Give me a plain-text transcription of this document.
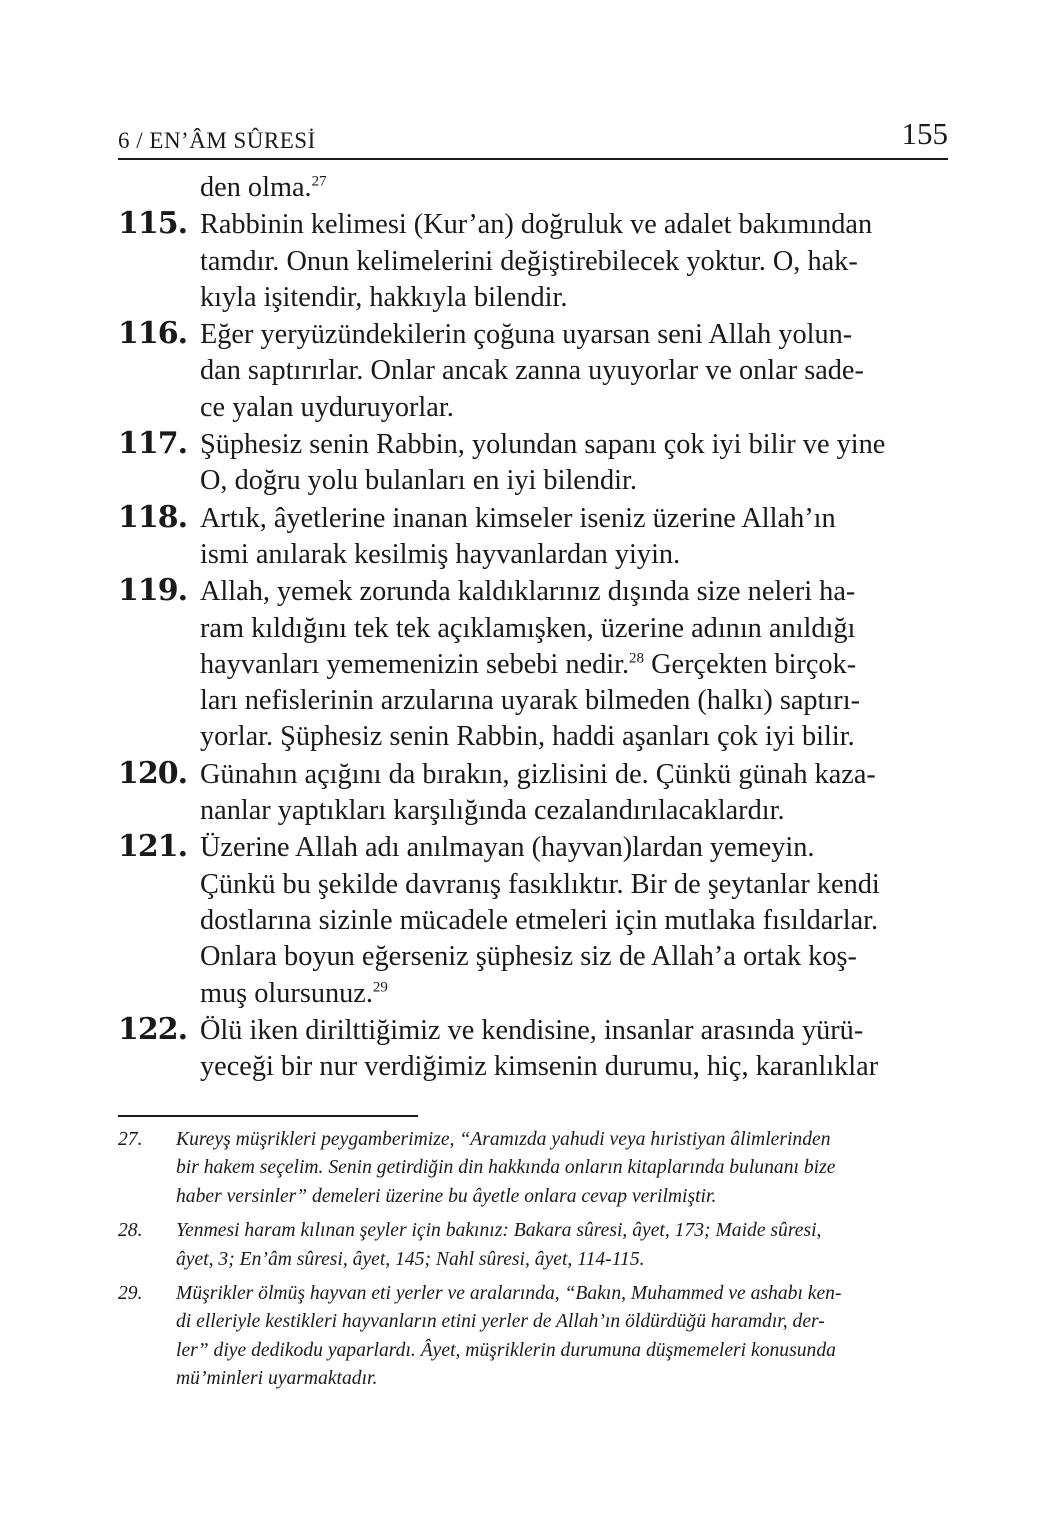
6 / EN’ÂM SÛRESİ	155
den olma.$^{27}$
115. Rabbinin kelimesi (Kur’an) doğruluk ve adalet bakımından
tamdır. Onun kelimelerini değiştirebilecek yoktur. O, hak-
kıyla işitendir, hakkıyla bilendir.
116. Eğer yeryüzündekilerin çoğuna uyarsan seni Allah yolun-
dan saptırırlar. Onlar ancak zanna uyuyorlar ve onlar sade-
ce yalan uyduruyorlar.
117. Şüphesiz senin Rabbin, yolundan sapanı çok iyi bilir ve yine
O, doğru yolu bulanları en iyi bilendir.
118. Artık, âyetlerine inanan kimseler iseniz üzerine Allah’ın
ismi anılarak kesilmiş hayvanlardan yiyin.
119. Allah, yemek zorunda kaldıklarınız dışında size neleri ha-
ram kıldığını tek tek açıklamışken, üzerine adının anıldığı
hayvanları yememenizin sebebi nedir.$^{28}$ Gerçekten birçok-
ları nefislerinin arzularına uyarak bilmeden (halkı) saptırı-
yorlar. Şüphesiz senin Rabbin, haddi aşanları çok iyi bilir.
120. Günahın açığını da bırakın, gizlisini de. Çünkü günah kaza-
nanlar yaptıkları karşılığında cezalandırılacaklardır.
121. Üzerine Allah adı anılmayan (hayvan)lardan yemeyin.
Çünkü bu şekilde davranış fasıklıktır. Bir de şeytanlar kendi
dostlarına sizinle mücadele etmeleri için mutlaka fısıldarlar.
Onlara boyun eğerseniz şüphesiz siz de Allah’a ortak koş-
muş olursunuz.$^{29}$
122. Ölü iken dirilttiğimiz ve kendisine, insanlar arasında yürü-
yeceği bir nur verdiğimiz kimsenin durumu, hiç, karanlıklar
27.	Kureyş müşrikleri peygamberimize, “Aramızda yahudi veya hıristiyan âlimlerinden
bir hakem seçelim. Senin getirdiğin din hakkında onların kitaplarında bulunanı bize
haber versinler” demeleri üzerine bu âyetle onlara cevap verilmiştir.
28.	Yenmesi haram kılınan şeyler için bakınız: Bakara sûresi, âyet, 173; Maide sûresi,
âyet, 3; En’âm sûresi, âyet, 145; Nahl sûresi, âyet, 114-115.
29.	Müşrikler ölmüş hayvan eti yerler ve aralarında, “Bakın, Muhammed ve ashabı ken-
di elleriyle kestikleri hayvanların etini yerler de Allah’ın öldürdüğü haramdır, der-
ler” diye dedikodu yaparlardı. Âyet, müşriklerin durumuna düşmemeleri konusunda
mü’minleri uyarmaktadır.
